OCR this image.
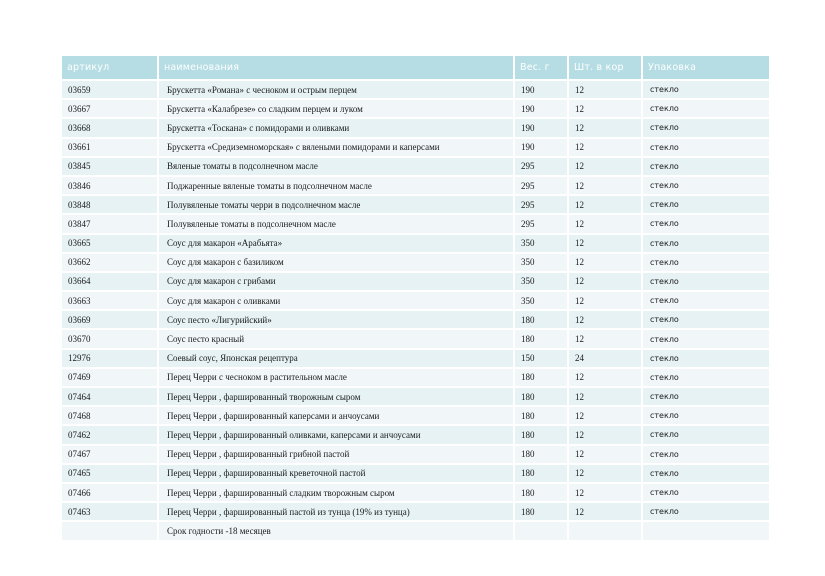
артикул	наименования	Вес. г	Шт. в кор	Упаковка
03659	Брускетта «Романа» с чесноком и острым перцем	190	12	стекло
03667	Брускетта «Калабрезе» со сладким перцем и луком	190	12	стекло
03668	Брускетта «Тоскана» с помидорами и оливками	190	12	стекло
03661	Брускетта «Средиземноморская» с вялеными помидорами и каперсами	190	12	стекло
03845	Вяленые томаты в подсолнечном масле	295	12	стекло
03846	Поджаренные вяленые томаты в подсолнечном масле	295	12	стекло
03848	Полувяленые томаты черри в подсолнечном масле	295	12	стекло
03847	Полувяленые томаты в подсолнечном масле	295	12	стекло
03665	Соус для макарон «Арабьята»	350	12	стекло
03662	Соус для макарон с базиликом	350	12	стекло
03664	Соус для макарон с грибами	350	12	стекло
03663	Соус для макарон с оливками	350	12	стекло
03669	Соус песто «Лигурийский»	180	12	стекло
03670	Соус песто красный	180	12	стекло
12976	Соевый соус, Японская рецептура	150	24	стекло
07469	Перец Черри с чесноком в растительном масле	180	12	стекло
07464	Перец Черри , фаршированный творожным сыром	180	12	стекло
07468	Перец Черри , фаршированный каперсами и анчоусами	180	12	стекло
07462	Перец Черри , фаршированный оливками, каперсами и анчоусами	180	12	стекло
07467	Перец Черри , фаршированный грибной пастой	180	12	стекло
07465	Перец Черри , фаршированный креветочной пастой	180	12	стекло
07466	Перец Черри , фаршированный сладким творожным сыром	180	12	стекло
07463	Перец Черри , фаршированный пастой из тунца (19% из тунца)	180	12	стекло
	Срок годности -18 месяцев			
